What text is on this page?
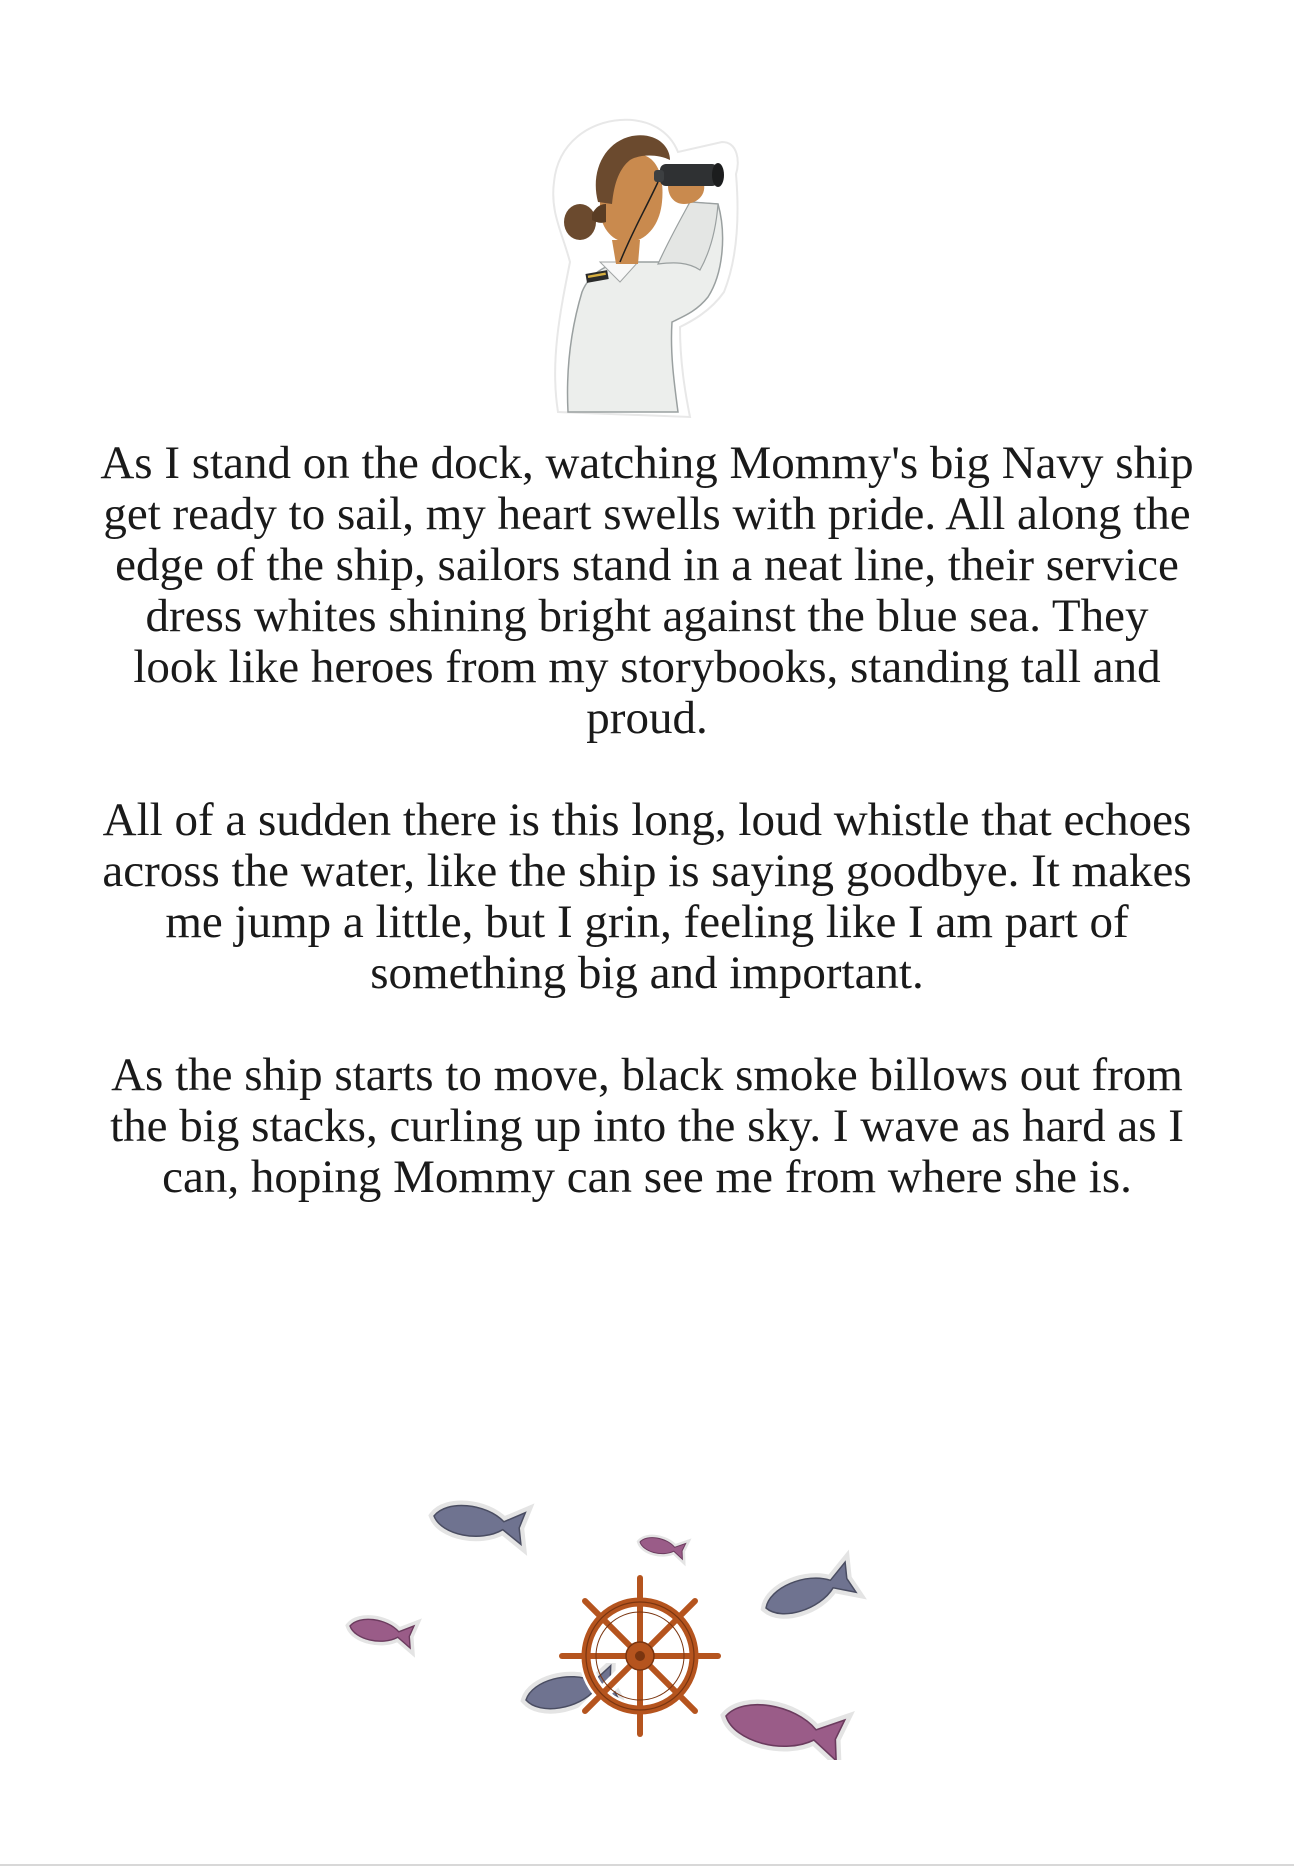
As I stand on the dock, watching Mommy's big Navy ship get ready to sail, my heart swells with pride. All along the edge of the ship, sailors stand in a neat line, their service dress whites shining bright against the blue sea. They look like heroes from my storybooks, standing tall and proud.

All of a sudden there is this long, loud whistle that echoes across the water, like the ship is saying goodbye. It makes me jump a little, but I grin, feeling like I am part of something big and important.

As the ship starts to move, black smoke billows out from the big stacks, curling up into the sky. I wave as hard as I can, hoping Mommy can see me from where she is.
